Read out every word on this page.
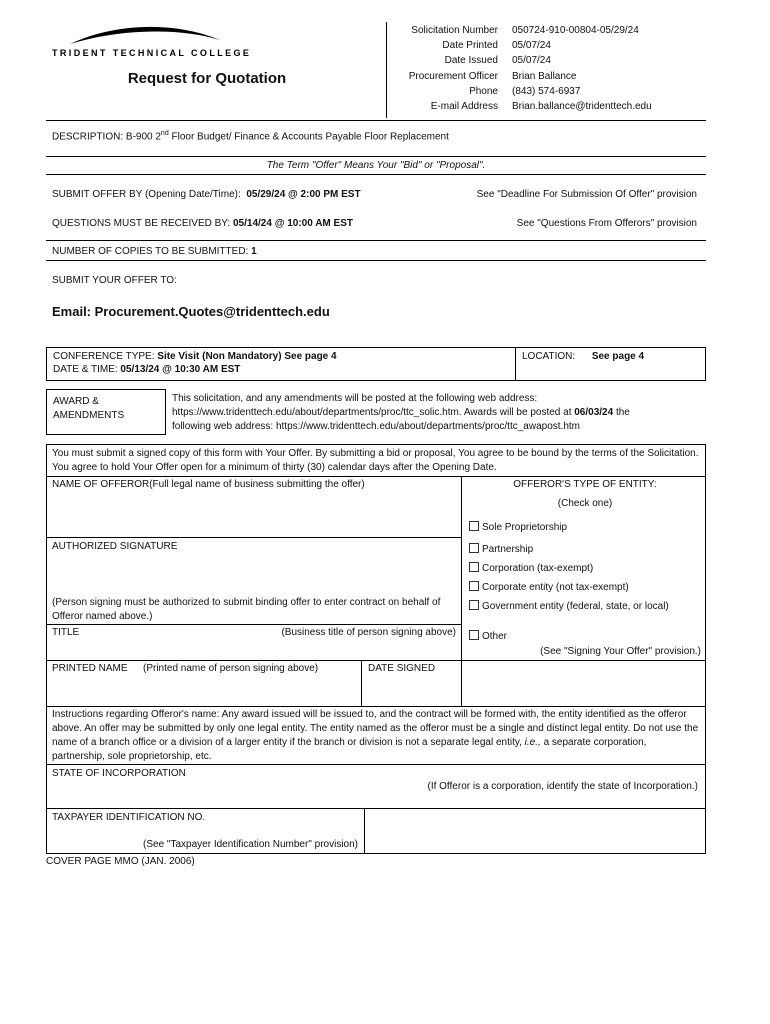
TRIDENT TECHNICAL COLLEGE
Request for Quotation
Solicitation Number 050724-910-00804-05/29/24
Date Printed 05/07/24
Date Issued 05/07/24
Procurement Officer Brian Ballance
Phone (843) 574-6937
E-mail Address Brian.ballance@tridenttech.edu
DESCRIPTION: B-900 2nd Floor Budget/ Finance & Accounts Payable Floor Replacement
The Term "Offer" Means Your "Bid" or "Proposal".
SUBMIT OFFER BY (Opening Date/Time): 05/29/24 @ 2:00 PM EST	See "Deadline For Submission Of Offer" provision
QUESTIONS MUST BE RECEIVED BY: 05/14/24 @ 10:00 AM EST	See "Questions From Offerors" provision
NUMBER OF COPIES TO BE SUBMITTED: 1
SUBMIT YOUR OFFER TO:
Email: Procurement.Quotes@tridenttech.edu
CONFERENCE TYPE: Site Visit (Non Mandatory) See page 4
DATE & TIME: 05/13/24 @ 10:30 AM EST
LOCATION: See page 4
AWARD &
AMENDMENTS
This solicitation, and any amendments will be posted at the following web address:
https://www.tridenttech.edu/about/departments/proc/ttc_solic.htm. Awards will be posted at 06/03/24 the
following web address: https://www.tridenttech.edu/about/departments/proc/ttc_awapost.htm
You must submit a signed copy of this form with Your Offer. By submitting a bid or proposal, You agree to be bound by the terms of the Solicitation. You agree to hold Your Offer open for a minimum of thirty (30) calendar days after the Opening Date.
NAME OF OFFEROR(Full legal name of business submitting the offer)	OFFEROR'S TYPE OF ENTITY:
(Check one)
Sole Proprietorship
Partnership
Corporation (tax-exempt)
Corporate entity (not tax-exempt)
Government entity (federal, state, or local)
Other
(See "Signing Your Offer" provision.)
AUTHORIZED SIGNATURE
(Person signing must be authorized to submit binding offer to enter contract on behalf of Offeror named above.)
TITLE	(Business title of person signing above)
PRINTED NAME (Printed name of person signing above)	DATE SIGNED
Instructions regarding Offeror's name: Any award issued will be issued to, and the contract will be formed with, the entity identified as the offeror above. An offer may be submitted by only one legal entity. The entity named as the offeror must be a single and distinct legal entity. Do not use the name of a branch office or a division of a larger entity if the branch or division is not a separate legal entity, i.e., a separate corporation, partnership, sole proprietorship, etc.
STATE OF INCORPORATION
(If Offeror is a corporation, identify the state of Incorporation.)
TAXPAYER IDENTIFICATION NO.
(See "Taxpayer Identification Number" provision)
COVER PAGE MMO (JAN. 2006)
